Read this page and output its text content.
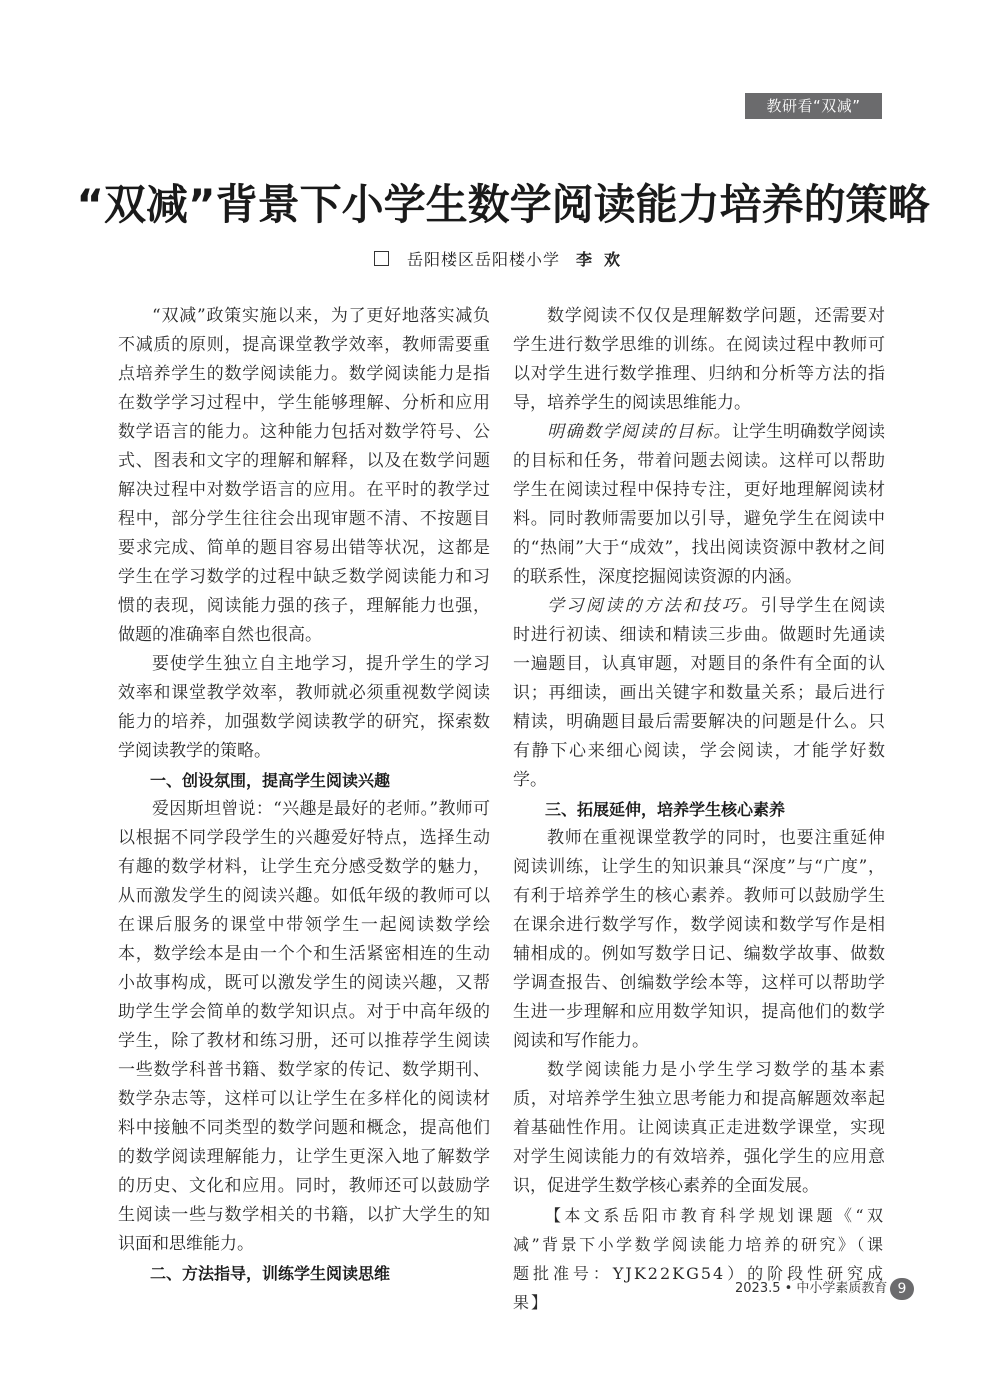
教研看“双减”
“双减”背景下小学生数学阅读能力培养的策略
岳阳楼区岳阳楼小学 李欢

“双减”政策实施以来，为了更好地落实减负不减质的原则，提高课堂教学效率，教师需要重点培养学生的数学阅读能力。数学阅读能力是指在数学学习过程中，学生能够理解、分析和应用数学语言的能力。这种能力包括对数学符号、公式、图表和文字的理解和解释，以及在数学问题解决过程中对数学语言的应用。在平时的教学过程中，部分学生往往会出现审题不清、不按题目要求完成、简单的题目容易出错等状况，这都是学生在学习数学的过程中缺乏数学阅读能力和习惯的表现，阅读能力强的孩子，理解能力也强，做题的准确率自然也很高。

要使学生独立自主地学习，提升学生的学习效率和课堂教学效率，教师就必须重视数学阅读能力的培养，加强数学阅读教学的研究，探索数学阅读教学的策略。

一、创设氛围，提高学生阅读兴趣

爱因斯坦曾说：“兴趣是最好的老师。”教师可以根据不同学段学生的兴趣爱好特点，选择生动有趣的数学材料，让学生充分感受数学的魅力，从而激发学生的阅读兴趣。如低年级的教师可以在课后服务的课堂中带领学生一起阅读数学绘本，数学绘本是由一个个和生活紧密相连的生动小故事构成，既可以激发学生的阅读兴趣，又帮助学生学会简单的数学知识点。对于中高年级的学生，除了教材和练习册，还可以推荐学生阅读一些数学科普书籍、数学家的传记、数学期刊、数学杂志等，这样可以让学生在多样化的阅读材料中接触不同类型的数学问题和概念，提高他们的数学阅读理解能力，让学生更深入地了解数学的历史、文化和应用。同时，教师还可以鼓励学生阅读一些与数学相关的书籍，以扩大学生的知识面和思维能力。

二、方法指导，训练学生阅读思维

数学阅读不仅仅是理解数学问题，还需要对学生进行数学思维的训练。在阅读过程中教师可以对学生进行数学推理、归纳和分析等方法的指导，培养学生的阅读思维能力。

明确数学阅读的目标。让学生明确数学阅读的目标和任务，带着问题去阅读。这样可以帮助学生在阅读过程中保持专注，更好地理解阅读材料。同时教师需要加以引导，避免学生在阅读中的“热闹”大于“成效”，找出阅读资源中教材之间的联系性，深度挖掘阅读资源的内涵。

学习阅读的方法和技巧。引导学生在阅读时进行初读、细读和精读三步曲。做题时先通读一遍题目，认真审题，对题目的条件有全面的认识；再细读，画出关键字和数量关系；最后进行精读，明确题目最后需要解决的问题是什么。只有静下心来细心阅读，学会阅读，才能学好数学。

三、拓展延伸，培养学生核心素养

教师在重视课堂教学的同时，也要注重延伸阅读训练，让学生的知识兼具“深度”与“广度”，有利于培养学生的核心素养。教师可以鼓励学生在课余进行数学写作，数学阅读和数学写作是相辅相成的。例如写数学日记、编数学故事、做数学调查报告、创编数学绘本等，这样可以帮助学生进一步理解和应用数学知识，提高他们的数学阅读和写作能力。

数学阅读能力是小学生学习数学的基本素质，对培养学生独立思考能力和提高解题效率起着基础性作用。让阅读真正走进数学课堂，实现对学生阅读能力的有效培养，强化学生的应用意识，促进学生数学核心素养的全面发展。

【本文系岳阳市教育科学规划课题《“双减”背景下小学数学阅读能力培养的研究》（课题批准号：YJK22KG54）的阶段性研究成果】

2023.5 • 中小学素质教育 9
